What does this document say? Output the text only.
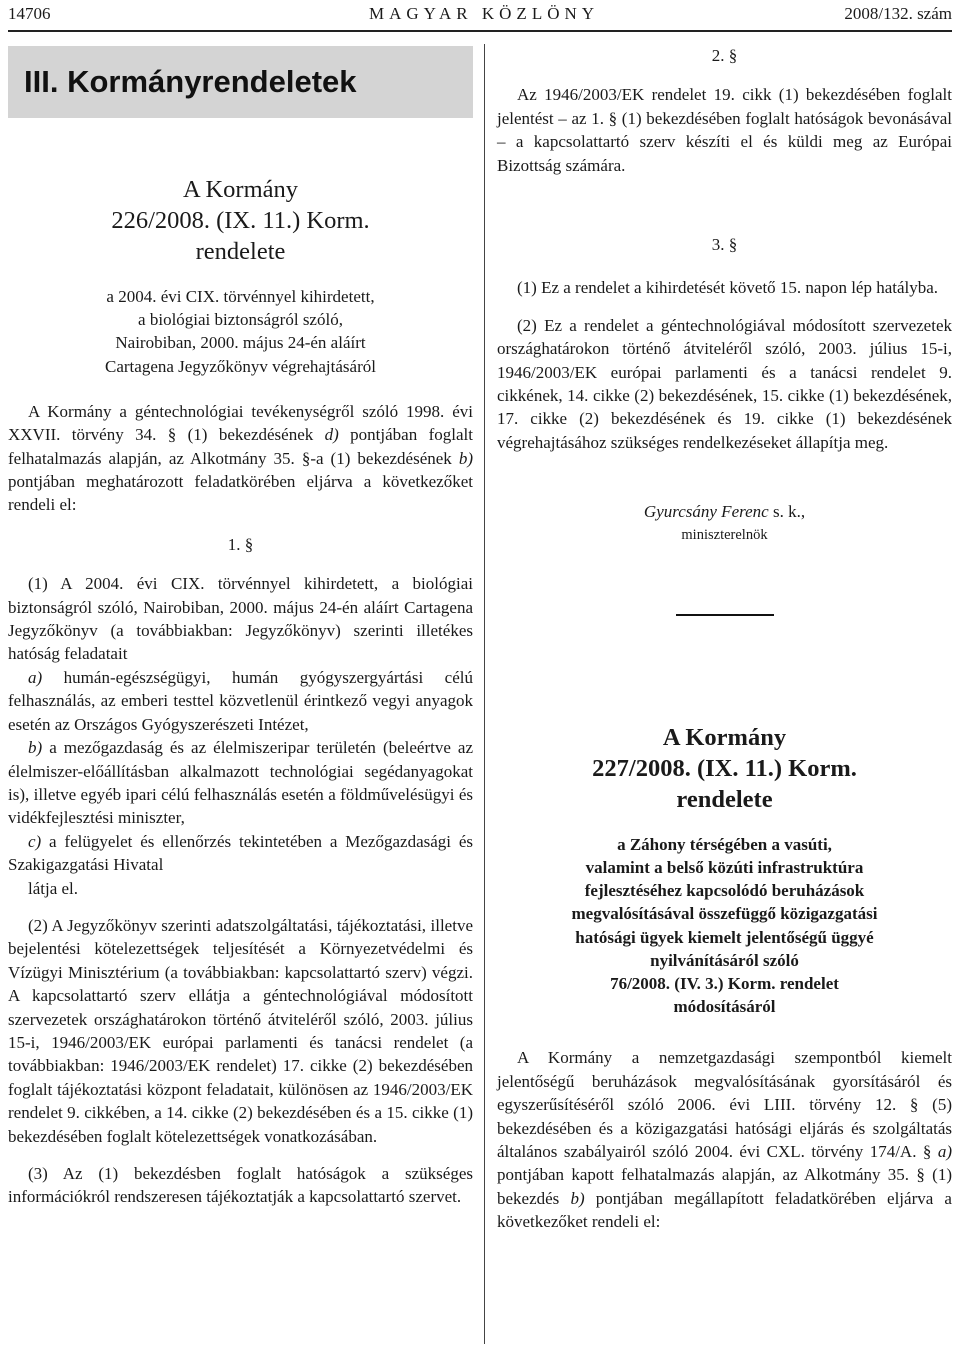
14706	MAGYAR KÖZLÖNY	2008/132. szám
III. Kormányrendeletek
A Kormány
226/2008. (IX. 11.) Korm.
rendelete
a 2004. évi CIX. törvénnyel kihirdetett,
a biológiai biztonságról szóló,
Nairobiban, 2000. május 24-én aláírt
Cartagena Jegyzőkönyv végrehajtásáról

A Kormány a géntechnológiai tevékenységről szóló 1998. évi XXVII. törvény 34. § (1) bekezdésének d) pontjában foglalt felhatalmazás alapján, az Alkotmány 35. §-a (1) bekezdésének b) pontjában meghatározott feladatkörében eljárva a következőket rendeli el:

1. §

(1) A 2004. évi CIX. törvénnyel kihirdetett, a biológiai biztonságról szóló, Nairobiban, 2000. május 24-én aláírt Cartagena Jegyzőkönyv (a továbbiakban: Jegyzőkönyv) szerinti illetékes hatóság feladatait

a) humán-egészségügyi, humán gyógyszergyártási célú felhasználás, az emberi testtel közvetlenül érintkező vegyi anyagok esetén az Országos Gyógyszerészeti Intézet,

b) a mezőgazdaság és az élelmiszeripar területén (beleértve az élelmiszer-előállításban alkalmazott technológiai segédanyagokat is), illetve egyéb ipari célú felhasználás esetén a földművelésügyi és vidékfejlesztési miniszter,

c) a felügyelet és ellenőrzés tekintetében a Mezőgazdasági és Szakigazgatási Hivatal

látja el.

(2) A Jegyzőkönyv szerinti adatszolgáltatási, tájékoztatási, illetve bejelentési kötelezettségek teljesítését a Környezetvédelmi és Vízügyi Minisztérium (a továbbiakban: kapcsolattartó szerv) végzi. A kapcsolattartó szerv ellátja a géntechnológiával módosított szervezetek országhatárokon történő átviteléről szóló, 2003. július 15-i, 1946/2003/EK európai parlamenti és tanácsi rendelet (a továbbiakban: 1946/2003/EK rendelet) 17. cikke (2) bekezdésében foglalt tájékoztatási központ feladatait, különösen az 1946/2003/EK rendelet 9. cikkében, a 14. cikke (2) bekezdésében és a 15. cikke (1) bekezdésében foglalt kötelezettségek vonatkozásában.

(3) Az (1) bekezdésben foglalt hatóságok a szükséges információkról rendszeresen tájékoztatják a kapcsolattartó szervet.

2. §

Az 1946/2003/EK rendelet 19. cikk (1) bekezdésében foglalt jelentést – az 1. § (1) bekezdésében foglalt hatóságok bevonásával – a kapcsolattartó szerv készíti el és küldi meg az Európai Bizottság számára.

3. §

(1) Ez a rendelet a kihirdetését követő 15. napon lép hatályba.

(2) Ez a rendelet a géntechnológiával módosított szervezetek országhatárokon történő átviteléről szóló, 2003. július 15-i, 1946/2003/EK európai parlamenti és a tanácsi rendelet 9. cikkének, 14. cikke (2) bekezdésének, 15. cikke (1) bekezdésének, 17. cikke (2) bekezdésének és 19. cikke (1) bekezdésének végrehajtásához szükséges rendelkezéseket állapítja meg.

Gyurcsány Ferenc s. k.,
miniszterelnök
A Kormány
227/2008. (IX. 11.) Korm.
rendelete
a Záhony térségében a vasúti,
valamint a belső közúti infrastruktúra
fejlesztéséhez kapcsolódó beruházások
megvalósításával összefüggő közigazgatási
hatósági ügyek kiemelt jelentőségű üggyé
nyilvánításáról szóló
76/2008. (IV. 3.) Korm. rendelet
módosításáról

A Kormány a nemzetgazdasági szempontból kiemelt jelentőségű beruházások megvalósításának gyorsításáról és egyszerűsítéséről szóló 2006. évi LIII. törvény 12. § (5) bekezdésében és a közigazgatási hatósági eljárás és szolgáltatás általános szabályairól szóló 2004. évi CXL. törvény 174/A. § a) pontjában kapott felhatalmazás alapján, az Alkotmány 35. § (1) bekezdés b) pontjában megállapított feladatkörében eljárva a következőket rendeli el:
